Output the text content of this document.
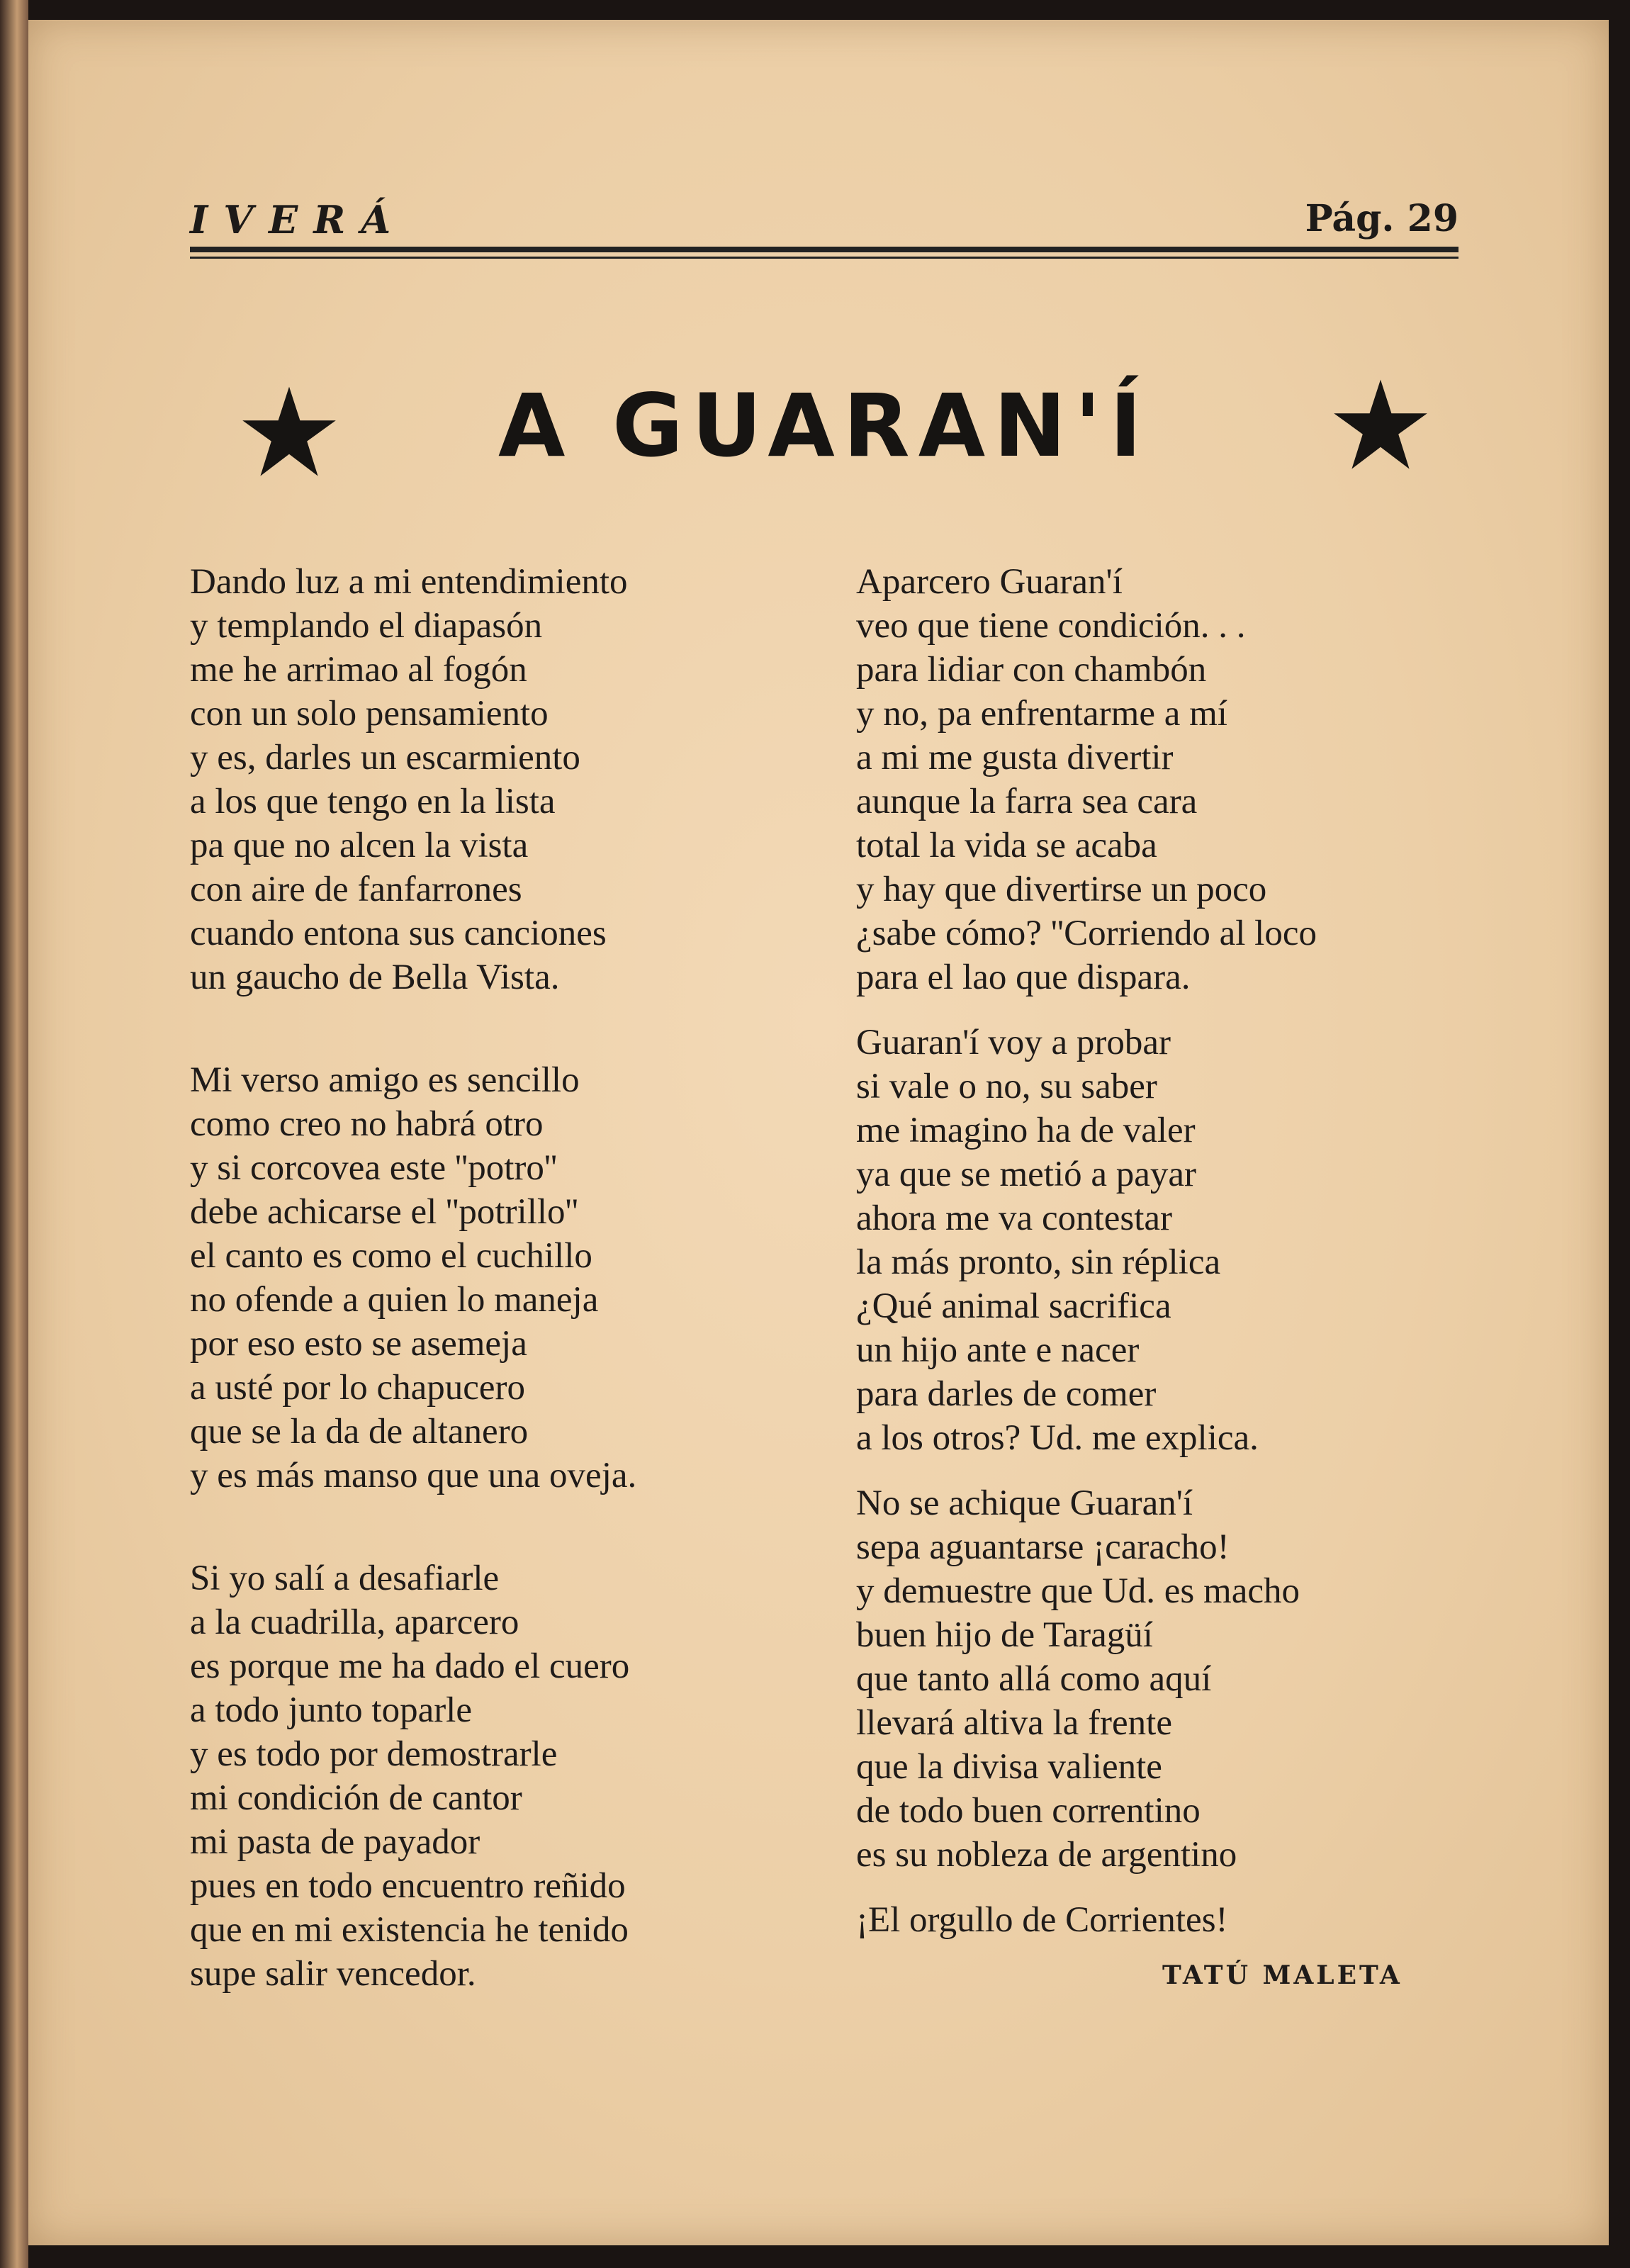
IVERÁ	Pág. 29
A GUARAN'Í
Dando luz a mi entendimiento
y templando el diapasón
me he arrimao al fogón
con un solo pensamiento
y es, darles un escarmiento
a los que tengo en la lista
pa que no alcen la vista
con aire de fanfarrones
cuando entona sus canciones
un gaucho de Bella Vista.
Mi verso amigo es sencillo
como creo no habrá otro
y si corcovea este ''potro''
debe achicarse el ''potrillo''
el canto es como el cuchillo
no ofende a quien lo maneja
por eso esto se asemeja
a usté por lo chapucero
que se la da de altanero
y es más manso que una oveja.
Si yo salí a desafiarle
a la cuadrilla, aparcero
es porque me ha dado el cuero
a todo junto toparle
y es todo por demostrarle
mi condición de cantor
mi pasta de payador
pues en todo encuentro reñido
que en mi existencia he tenido
supe salir vencedor.
Aparcero Guaran'í
veo que tiene condición. . .
para lidiar con chambón
y no, pa enfrentarme a mí
a mi me gusta divertir
aunque la farra sea cara
total la vida se acaba
y hay que divertirse un poco
¿sabe cómo? ''Corriendo al loco
para el lao que dispara.
Guaran'í voy a probar
si vale o no, su saber
me imagino ha de valer
ya que se metió a payar
ahora me va contestar
la más pronto, sin réplica
¿Qué animal sacrifica
un hijo ante e nacer
para darles de comer
a los otros? Ud. me explica.
No se achique Guaran'í
sepa aguantarse ¡caracho!
y demuestre que Ud. es macho
buen hijo de Taragüí
que tanto allá como aquí
llevará altiva la frente
que la divisa valiente
de todo buen correntino
es su nobleza de argentino
¡El orgullo de Corrientes!
TATÚ MALETA
